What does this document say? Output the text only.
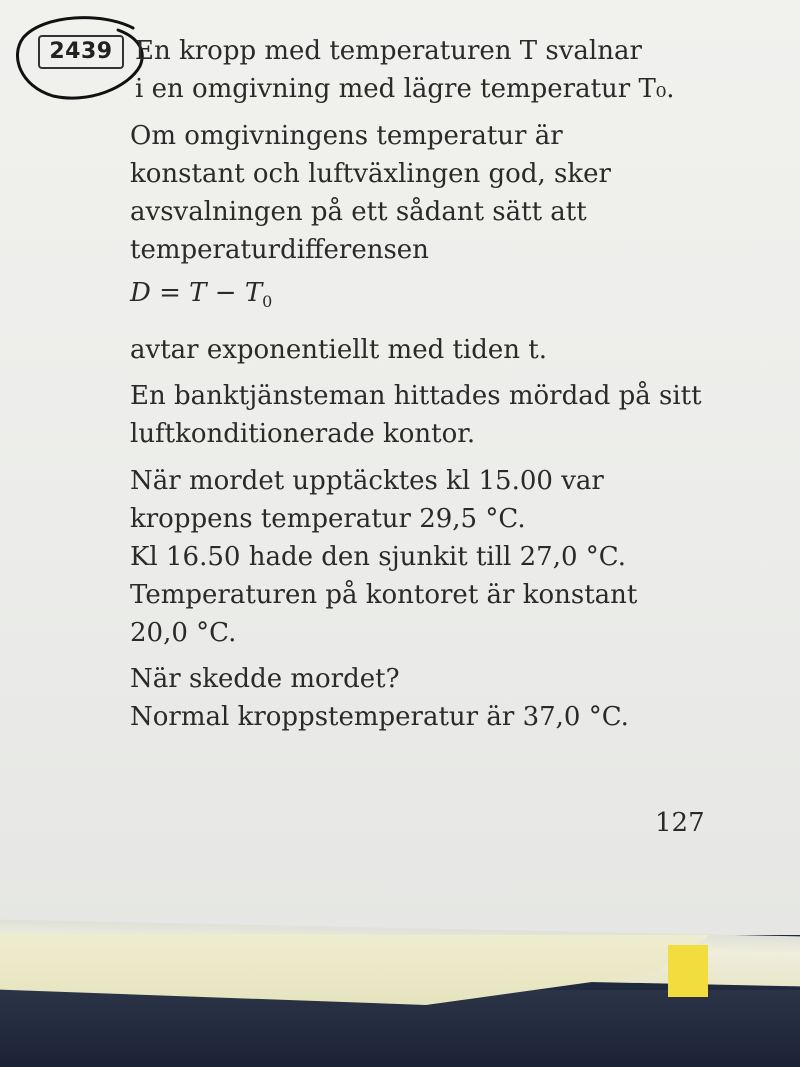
2439 En kropp med temperaturen T svalnar
i en omgivning med lägre temperatur T₀.
Om omgivningens temperatur är
konstant och luftväxlingen god, sker
avsvalningen på ett sådant sätt att
temperaturdifferensen
$D = T - T_0$
avtar exponentiellt med tiden t.
En banktjänsteman hittades mördad på sitt
luftkonditionerade kontor.
När mordet upptäcktes kl 15.00 var
kroppens temperatur 29,5 °C.
Kl 16.50 hade den sjunkit till 27,0 °C.
Temperaturen på kontoret är konstant
20,0 °C.
När skedde mordet?
Normal kroppstemperatur är 37,0 °C.
127
